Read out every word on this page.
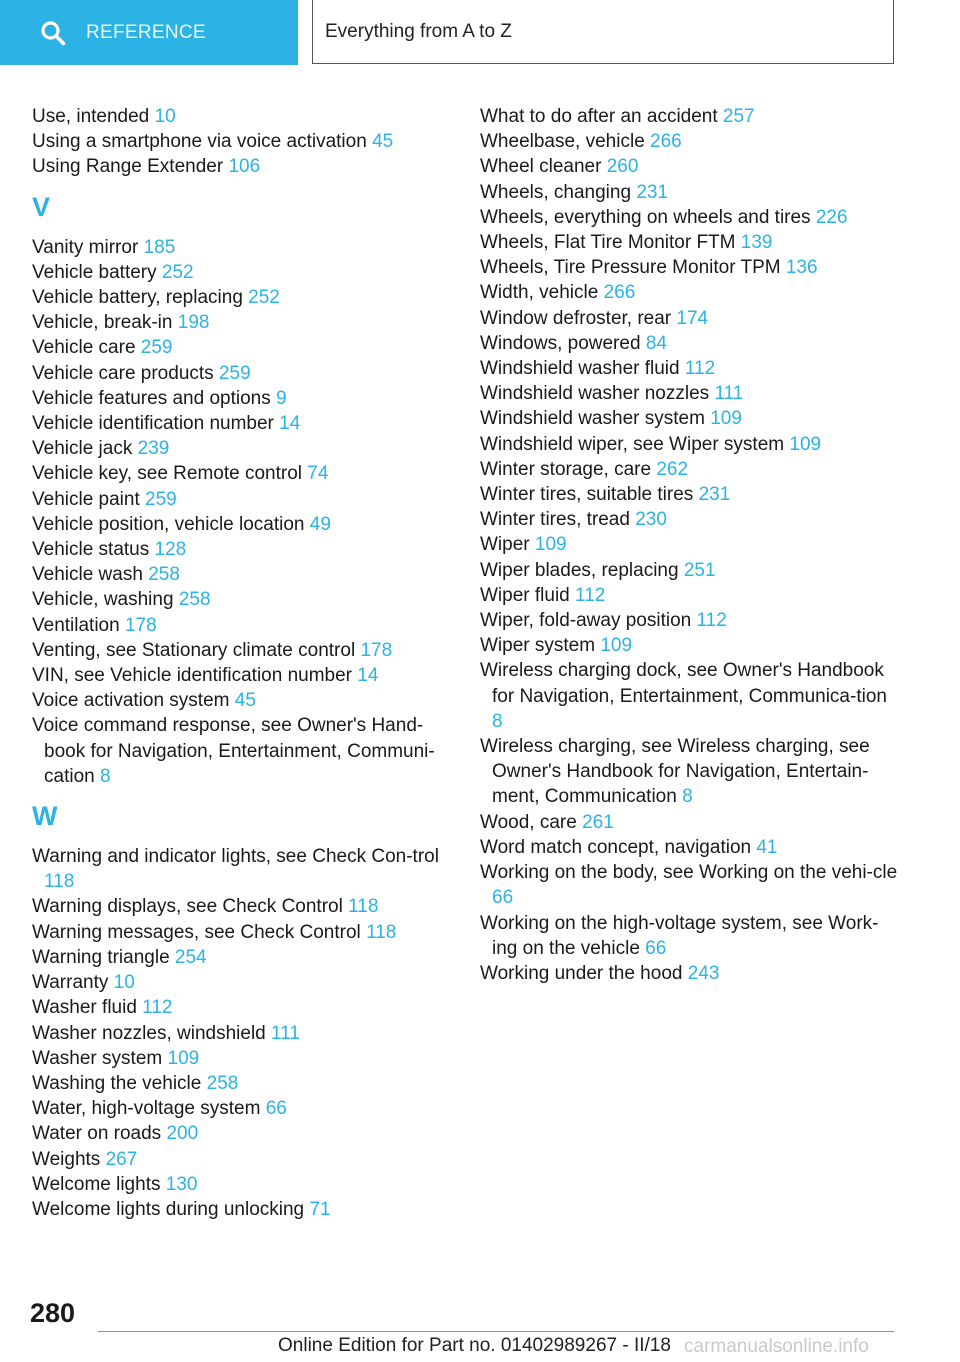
REFERENCE	Everything from A to Z
Use, intended 10
Using a smartphone via voice activation 45
Using Range Extender 106
V
Vanity mirror 185
Vehicle battery 252
Vehicle battery, replacing 252
Vehicle, break-in 198
Vehicle care 259
Vehicle care products 259
Vehicle features and options 9
Vehicle identification number 14
Vehicle jack 239
Vehicle key, see Remote control 74
Vehicle paint 259
Vehicle position, vehicle location 49
Vehicle status 128
Vehicle wash 258
Vehicle, washing 258
Ventilation 178
Venting, see Stationary climate control 178
VIN, see Vehicle identification number 14
Voice activation system 45
Voice command response, see Owner's Hand‐book for Navigation, Entertainment, Communi‐cation 8
W
Warning and indicator lights, see Check Con‐trol 118
Warning displays, see Check Control 118
Warning messages, see Check Control 118
Warning triangle 254
Warranty 10
Washer fluid 112
Washer nozzles, windshield 111
Washer system 109
Washing the vehicle 258
Water, high-voltage system 66
Water on roads 200
Weights 267
Welcome lights 130
Welcome lights during unlocking 71
What to do after an accident 257
Wheelbase, vehicle 266
Wheel cleaner 260
Wheels, changing 231
Wheels, everything on wheels and tires 226
Wheels, Flat Tire Monitor FTM 139
Wheels, Tire Pressure Monitor TPM 136
Width, vehicle 266
Window defroster, rear 174
Windows, powered 84
Windshield washer fluid 112
Windshield washer nozzles 111
Windshield washer system 109
Windshield wiper, see Wiper system 109
Winter storage, care 262
Winter tires, suitable tires 231
Winter tires, tread 230
Wiper 109
Wiper blades, replacing 251
Wiper fluid 112
Wiper, fold-away position 112
Wiper system 109
Wireless charging dock, see Owner's Handbook for Navigation, Entertainment, Communica‐tion 8
Wireless charging, see Wireless charging, see Owner's Handbook for Navigation, Entertain‐ment, Communication 8
Wood, care 261
Word match concept, navigation 41
Working on the body, see Working on the vehi‐cle 66
Working on the high-voltage system, see Work‐ing on the vehicle 66
Working under the hood 243
280
Online Edition for Part no. 01402989267 - II/18 carmanualsonline.info
